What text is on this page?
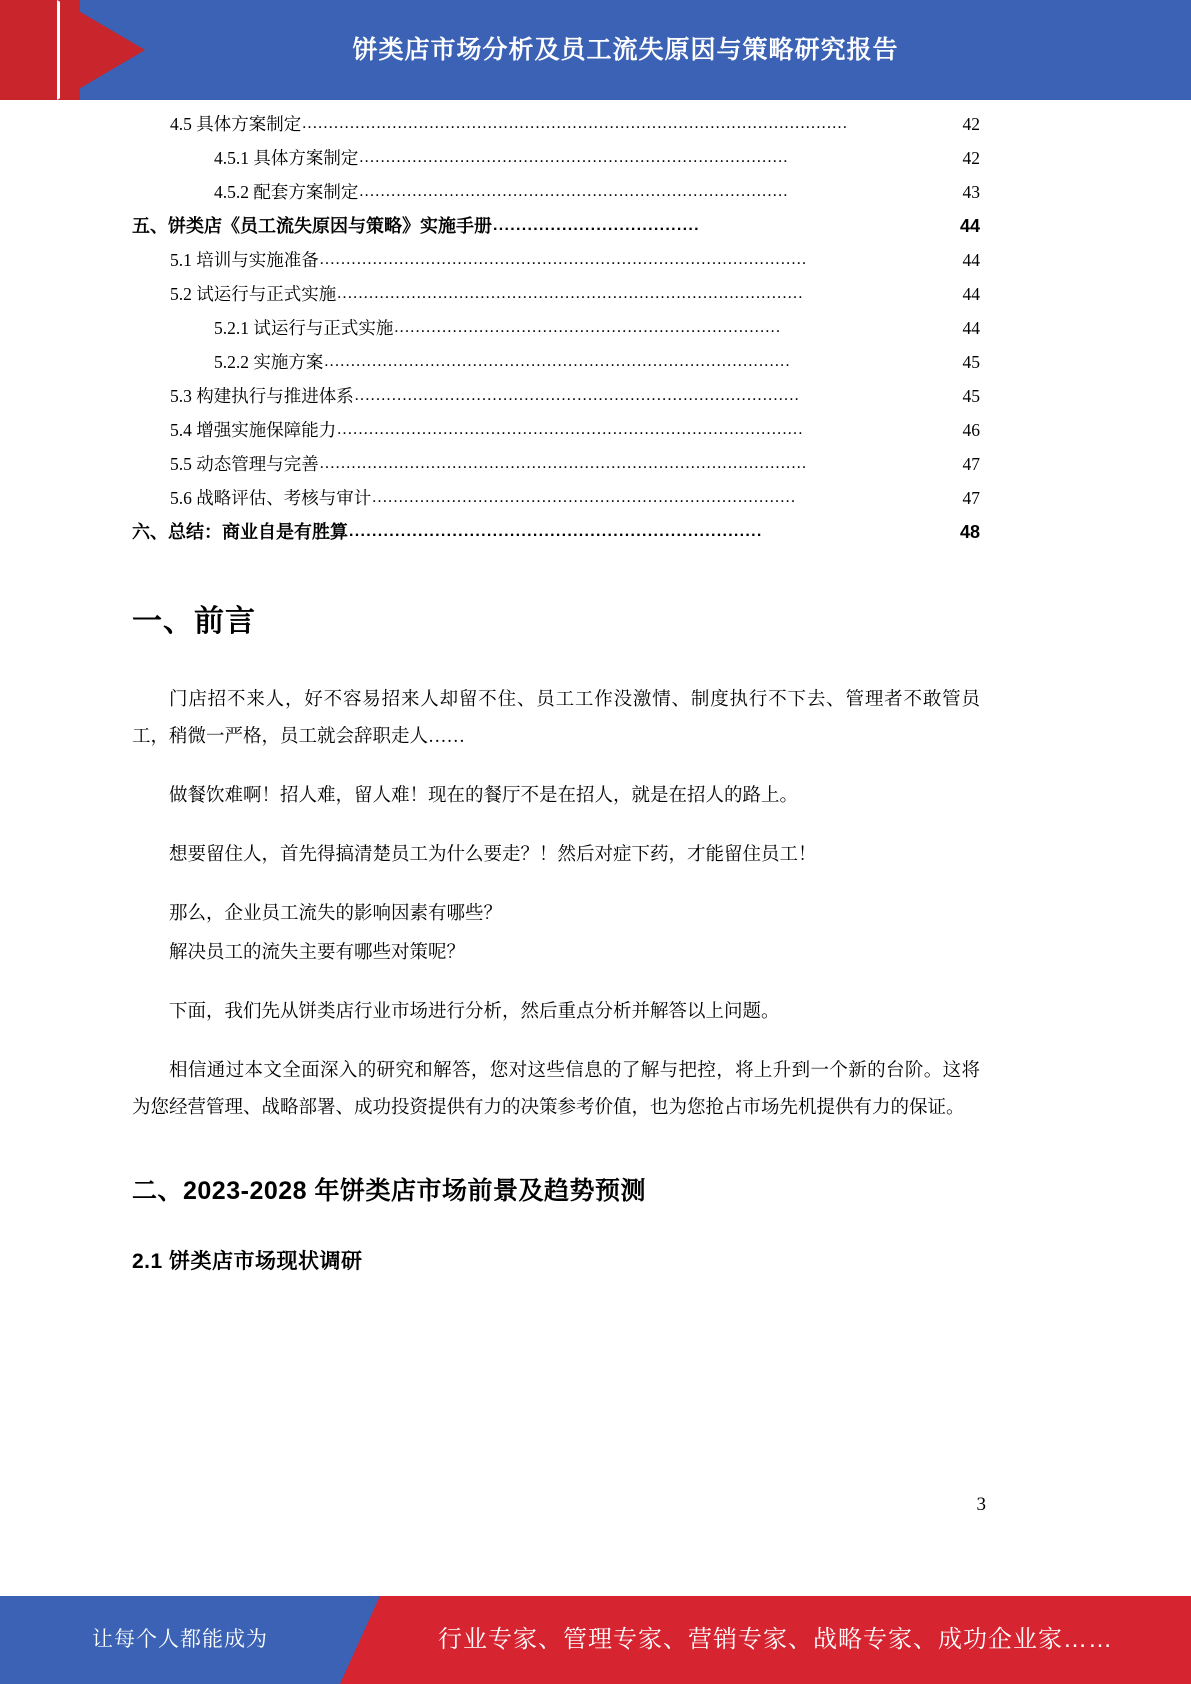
饼类店市场分析及员工流失原因与策略研究报告
4.5 具体方案制定 .......................................................................................................	42
4.5.1 具体方案制定 .................................................................................	42
4.5.2 配套方案制定 .................................................................................	43
五、饼类店《员工流失原因与策略》实施手册 ....................................	44
5.1 培训与实施准备 ............................................................................................	44
5.2 试运行与正式实施 ........................................................................................	44
5.2.1 试运行与正式实施 .........................................................................	44
5.2.2 实施方案 ........................................................................................	45
5.3 构建执行与推进体系 ....................................................................................	45
5.4 增强实施保障能力 ........................................................................................	46
5.5 动态管理与完善 ............................................................................................	47
5.6 战略评估、考核与审计 ................................................................................	47
六、总结：商业自是有胜算 ........................................................................	48
一、前言

门店招不来人，好不容易招来人却留不住、员工工作没激情、制度执行不下去、管理者不敢管员工，稍微一严格，员工就会辞职走人……

做餐饮难啊！招人难，留人难！现在的餐厅不是在招人，就是在招人的路上。

想要留住人，首先得搞清楚员工为什么要走？！然后对症下药，才能留住员工！

那么，企业员工流失的影响因素有哪些？

解决员工的流失主要有哪些对策呢？

下面，我们先从饼类店行业市场进行分析，然后重点分析并解答以上问题。

相信通过本文全面深入的研究和解答，您对这些信息的了解与把控，将上升到一个新的台阶。这将为您经营管理、战略部署、成功投资提供有力的决策参考价值，也为您抢占市场先机提供有力的保证。

二、2023-2028 年饼类店市场前景及趋势预测
2.1 饼类店市场现状调研
3
让每个人都能成为	行业专家、管理专家、营销专家、战略专家、成功企业家……
